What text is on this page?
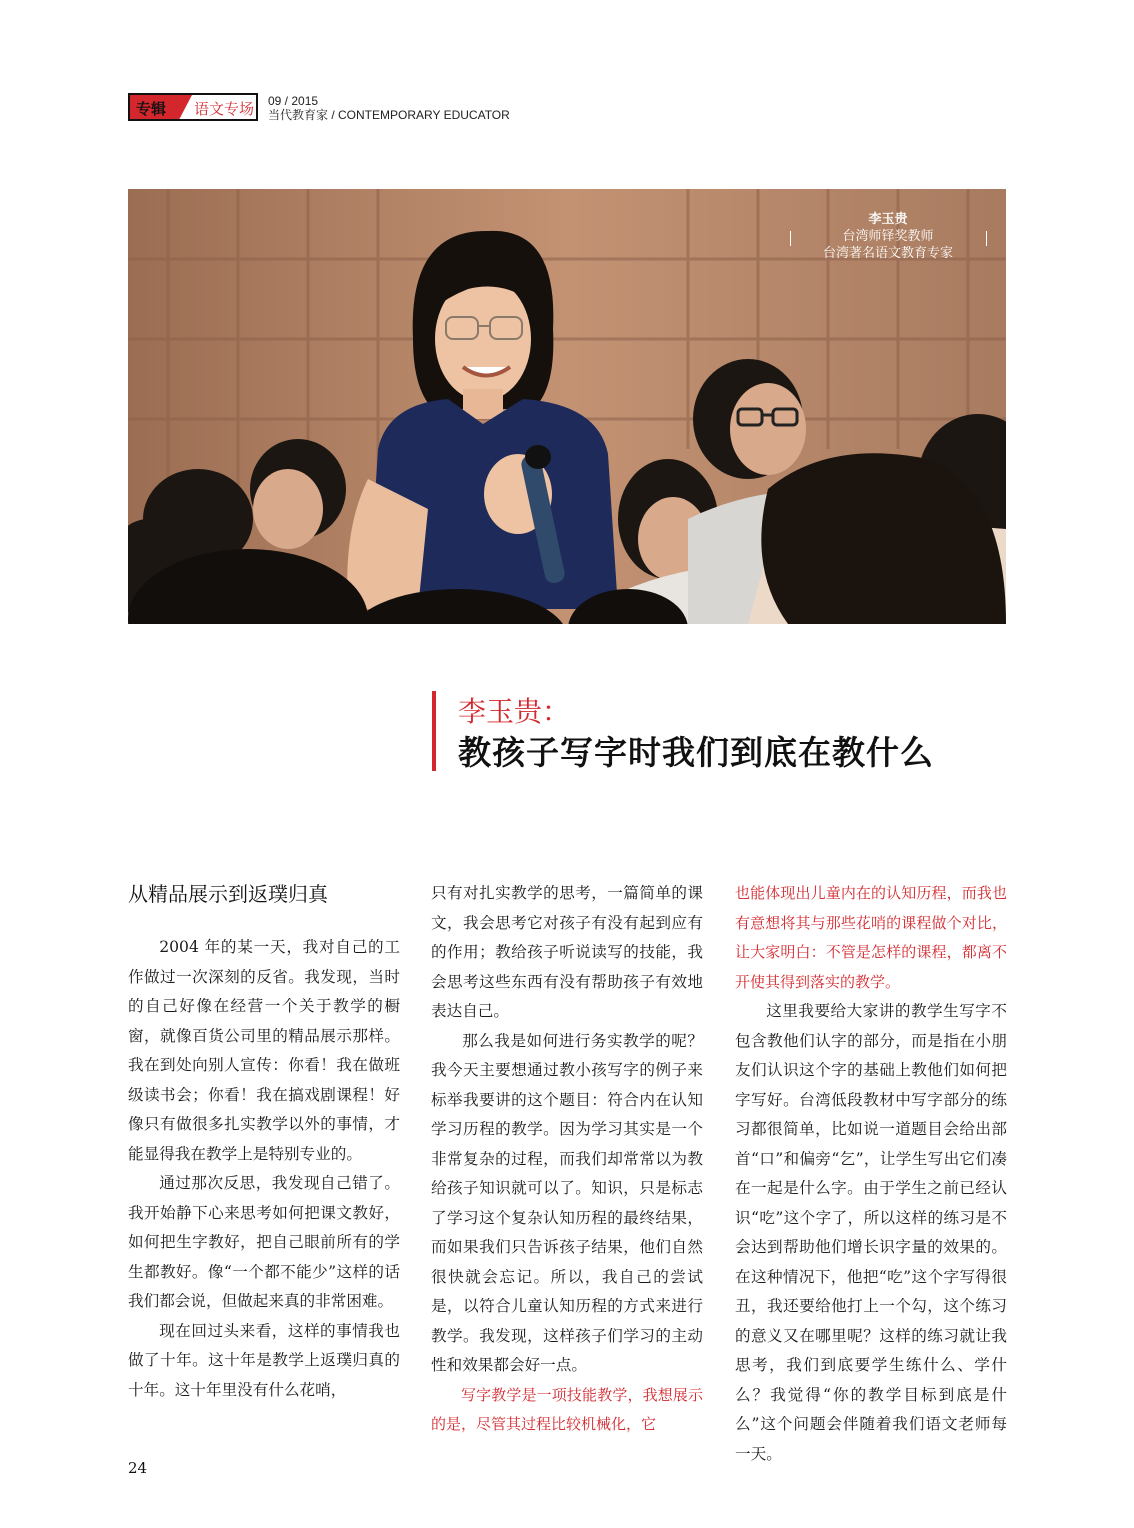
专辑 语文专场 09 / 2015
当代教育家 / CONTEMPORARY EDUCATOR
李玉贵
台湾师铎奖教师
台湾著名语文教育专家
李玉贵：
教孩子写字时我们到底在教什么
从精品展示到返璞归真

2004 年的某一天，我对自己的工作做过一次深刻的反省。我发现，当时的自己好像在经营一个关于教学的橱窗，就像百货公司里的精品展示那样。我在到处向别人宣传：你看！我在做班级读书会；你看！我在搞戏剧课程！好像只有做很多扎实教学以外的事情，才能显得我在教学上是特别专业的。

通过那次反思，我发现自己错了。我开始静下心来思考如何把课文教好，如何把生字教好，把自己眼前所有的学生都教好。像“一个都不能少”这样的话我们都会说，但做起来真的非常困难。

现在回过头来看，这样的事情我也做了十年。这十年是教学上返璞归真的十年。这十年里没有什么花哨，

只有对扎实教学的思考，一篇简单的课文，我会思考它对孩子有没有起到应有的作用；教给孩子听说读写的技能，我会思考这些东西有没有帮助孩子有效地表达自己。

那么我是如何进行务实教学的呢？我今天主要想通过教小孩写字的例子来标举我要讲的这个题目：符合内在认知学习历程的教学。因为学习其实是一个非常复杂的过程，而我们却常常以为教给孩子知识就可以了。知识，只是标志了学习这个复杂认知历程的最终结果，而如果我们只告诉孩子结果，他们自然很快就会忘记。所以，我自己的尝试是，以符合儿童认知历程的方式来进行教学。我发现，这样孩子们学习的主动性和效果都会好一点。

写字教学是一项技能教学，我想展示的是，尽管其过程比较机械化，它

也能体现出儿童内在的认知历程，而我也有意想将其与那些花哨的课程做个对比，让大家明白：不管是怎样的课程，都离不开使其得到落实的教学。

这里我要给大家讲的教学生写字不包含教他们认字的部分，而是指在小朋友们认识这个字的基础上教他们如何把字写好。台湾低段教材中写字部分的练习都很简单，比如说一道题目会给出部首“口”和偏旁“乞”，让学生写出它们凑在一起是什么字。由于学生之前已经认识“吃”这个字了，所以这样的练习是不会达到帮助他们增长识字量的效果的。在这种情况下，他把“吃”这个字写得很丑，我还要给他打上一个勾，这个练习的意义又在哪里呢？这样的练习就让我思考，我们到底要学生练什么、学什么？我觉得“你的教学目标到底是什么”这个问题会伴随着我们语文老师每一天。

24
